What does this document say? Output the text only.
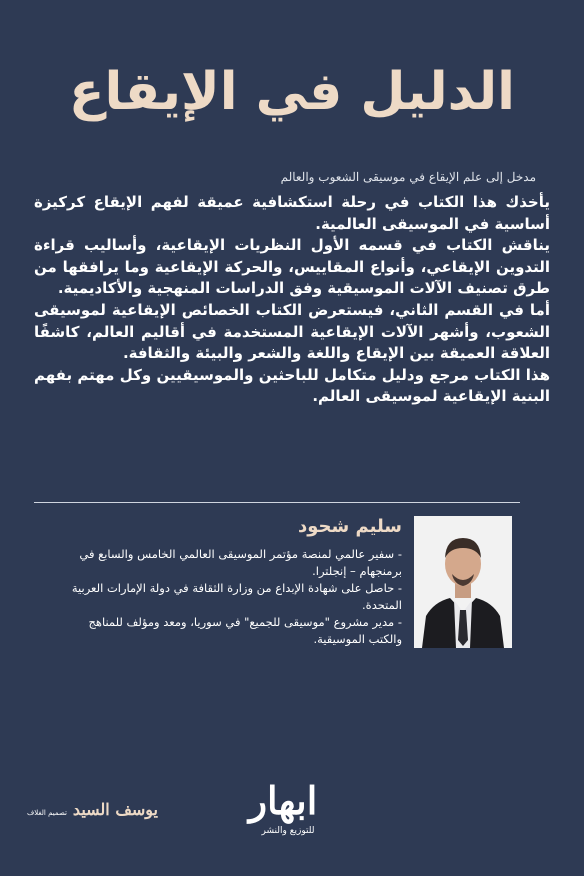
الدليل في الإيقاع
مدخل إلى علم الإيقاع في موسيقى الشعوب والعالم

يأخذك هذا الكتاب في رحلة استكشافية عميقة لفهم الإيقاع كركيزة أساسية في الموسيقى العالمية.

يناقش الكتاب في قسمه الأول النظريات الإيقاعية، وأساليب قراءة التدوين الإيقاعي، وأنواع المقاييس، والحركة الإيقاعية وما يرافقها من طرق تصنيف الآلات الموسيقية وفق الدراسات المنهجية والأكاديمية.

أما في القسم الثاني، فيستعرض الكتاب الخصائص الإيقاعية لموسيقى الشعوب، وأشهر الآلات الإيقاعية المستخدمة في أقاليم العالم، كاشفًا العلاقة العميقة بين الإيقاع واللغة والشعر والبيئة والثقافة.

هذا الكتاب مرجع ودليل متكامل للباحثين والموسيقيين وكل مهتم بفهم البنية الإيقاعية لموسيقى العالم.

سليم شحود
- سفير عالمي لمنصة مؤتمر الموسيقى العالمي الخامس والسابع في برمنجهام – إنجلترا.
- حاصل على شهادة الإبداع من وزارة الثقافة في دولة الإمارات العربية المتحدة.
- مدير مشروع "موسيقى للجميع" في سوريا، ومعد ومؤلف للمناهج والكتب الموسيقية.
يوسف السيد
تصميم الغلاف	ابهار
للتوزيع والنشر
